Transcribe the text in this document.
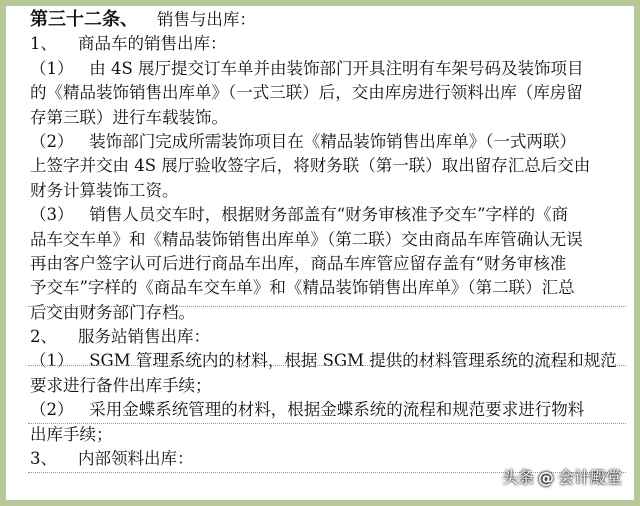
第三十二条、 销售与出库：
1、    商品车的销售出库：
（1）   由 4S 展厅提交订车单并由装饰部门开具注明有车架号码及装饰项目
的《精品装饰销售出库单》（一式三联）后，交由库房进行领料出库（库房留
存第三联）进行车载装饰。
（2）   装饰部门完成所需装饰项目在《精品装饰销售出库单》（一式两联）
上签字并交由 4S 展厅验收签字后，将财务联（第一联）取出留存汇总后交由
财务计算装饰工资。
（3）   销售人员交车时，根据财务部盖有“财务审核准予交车”字样的《商
品车交车单》和《精品装饰销售出库单》（第二联）交由商品车库管确认无误
再由客户签字认可后进行商品车出库，商品车库管应留存盖有“财务审核准
予交车”字样的《商品车交车单》和《精品装饰销售出库单》（第二联）汇总
后交由财务部门存档。
2、    服务站销售出库：
（1）   SGM 管理系统内的材料，根据 SGM 提供的材料管理系统的流程和规范
要求进行备件出库手续；
（2）   采用金蝶系统管理的材料，根据金蝶系统的流程和规范要求进行物料
出库手续；
3、    内部领料出库：
头条 @ 会计殿堂
